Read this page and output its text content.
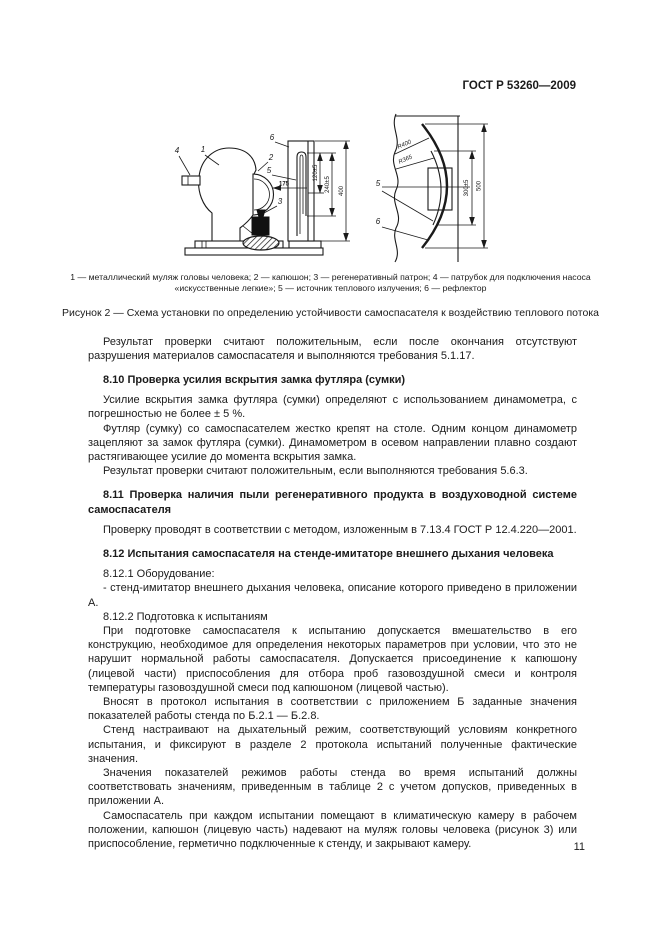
ГОСТ Р 53260—2009
175
120±5
240±5 400
4	1
6
2
5
3
R400
R365
300±5 500
5
6
1 — металлический муляж головы человека; 2 — капюшон; 3 — регенеративный патрон; 4 — патрубок для подключения насоса «искусственные легкие»; 5 — источник теплового излучения; 6 — рефлектор
Рисунок 2 — Схема установки по определению устойчивости самоспасателя к воздействию теплового потока

Результат проверки считают положительным, если после окончания отсутствуют разрушения материалов самоспасателя и выполняются требования 5.1.17.

8.10 Проверка усилия вскрытия замка футляра (сумки)

Усилие вскрытия замка футляра (сумки) определяют с использованием динамометра, с погрешностью не более ± 5 %.

Футляр (сумку) со самоспасателем жестко крепят на столе. Одним концом динамометр зацепляют за замок футляра (сумки). Динамометром в осевом направлении плавно создают растягивающее усилие до момента вскрытия замка.

Результат проверки считают положительным, если выполняются требования 5.6.3.

8.11 Проверка наличия пыли регенеративного продукта в воздуховодной системе самоспасателя

Проверку проводят в соответствии с методом, изложенным в 7.13.4 ГОСТ Р 12.4.220—2001.

8.12 Испытания самоспасателя на стенде-имитаторе внешнего дыхания человека

8.12.1 Оборудование:

- стенд-имитатор внешнего дыхания человека, описание которого приведено в приложении А.

8.12.2 Подготовка к испытаниям

При подготовке самоспасателя к испытанию допускается вмешательство в его конструкцию, необходимое для определения некоторых параметров при условии, что это не нарушит нормальной работы самоспасателя. Допускается присоединение к капюшону (лицевой части) приспособления для отбора проб газовоздушной смеси и контроля температуры газовоздушной смеси под капюшоном (лицевой частью).

Вносят в протокол испытания в соответствии с приложением Б заданные значения показателей работы стенда по Б.2.1 — Б.2.8.

Стенд настраивают на дыхательный режим, соответствующий условиям конкретного испытания, и фиксируют в разделе 2 протокола испытаний полученные фактические значения.

Значения показателей режимов работы стенда во время испытаний должны соответствовать значениям, приведенным в таблице 2 с учетом допусков, приведенных в приложении А.

Самоспасатель при каждом испытании помещают в климатическую камеру в рабочем положении, капюшон (лицевую часть) надевают на муляж головы человека (рисунок 3) или приспособление, герметично подключенные к стенду, и закрывают камеру.	11
